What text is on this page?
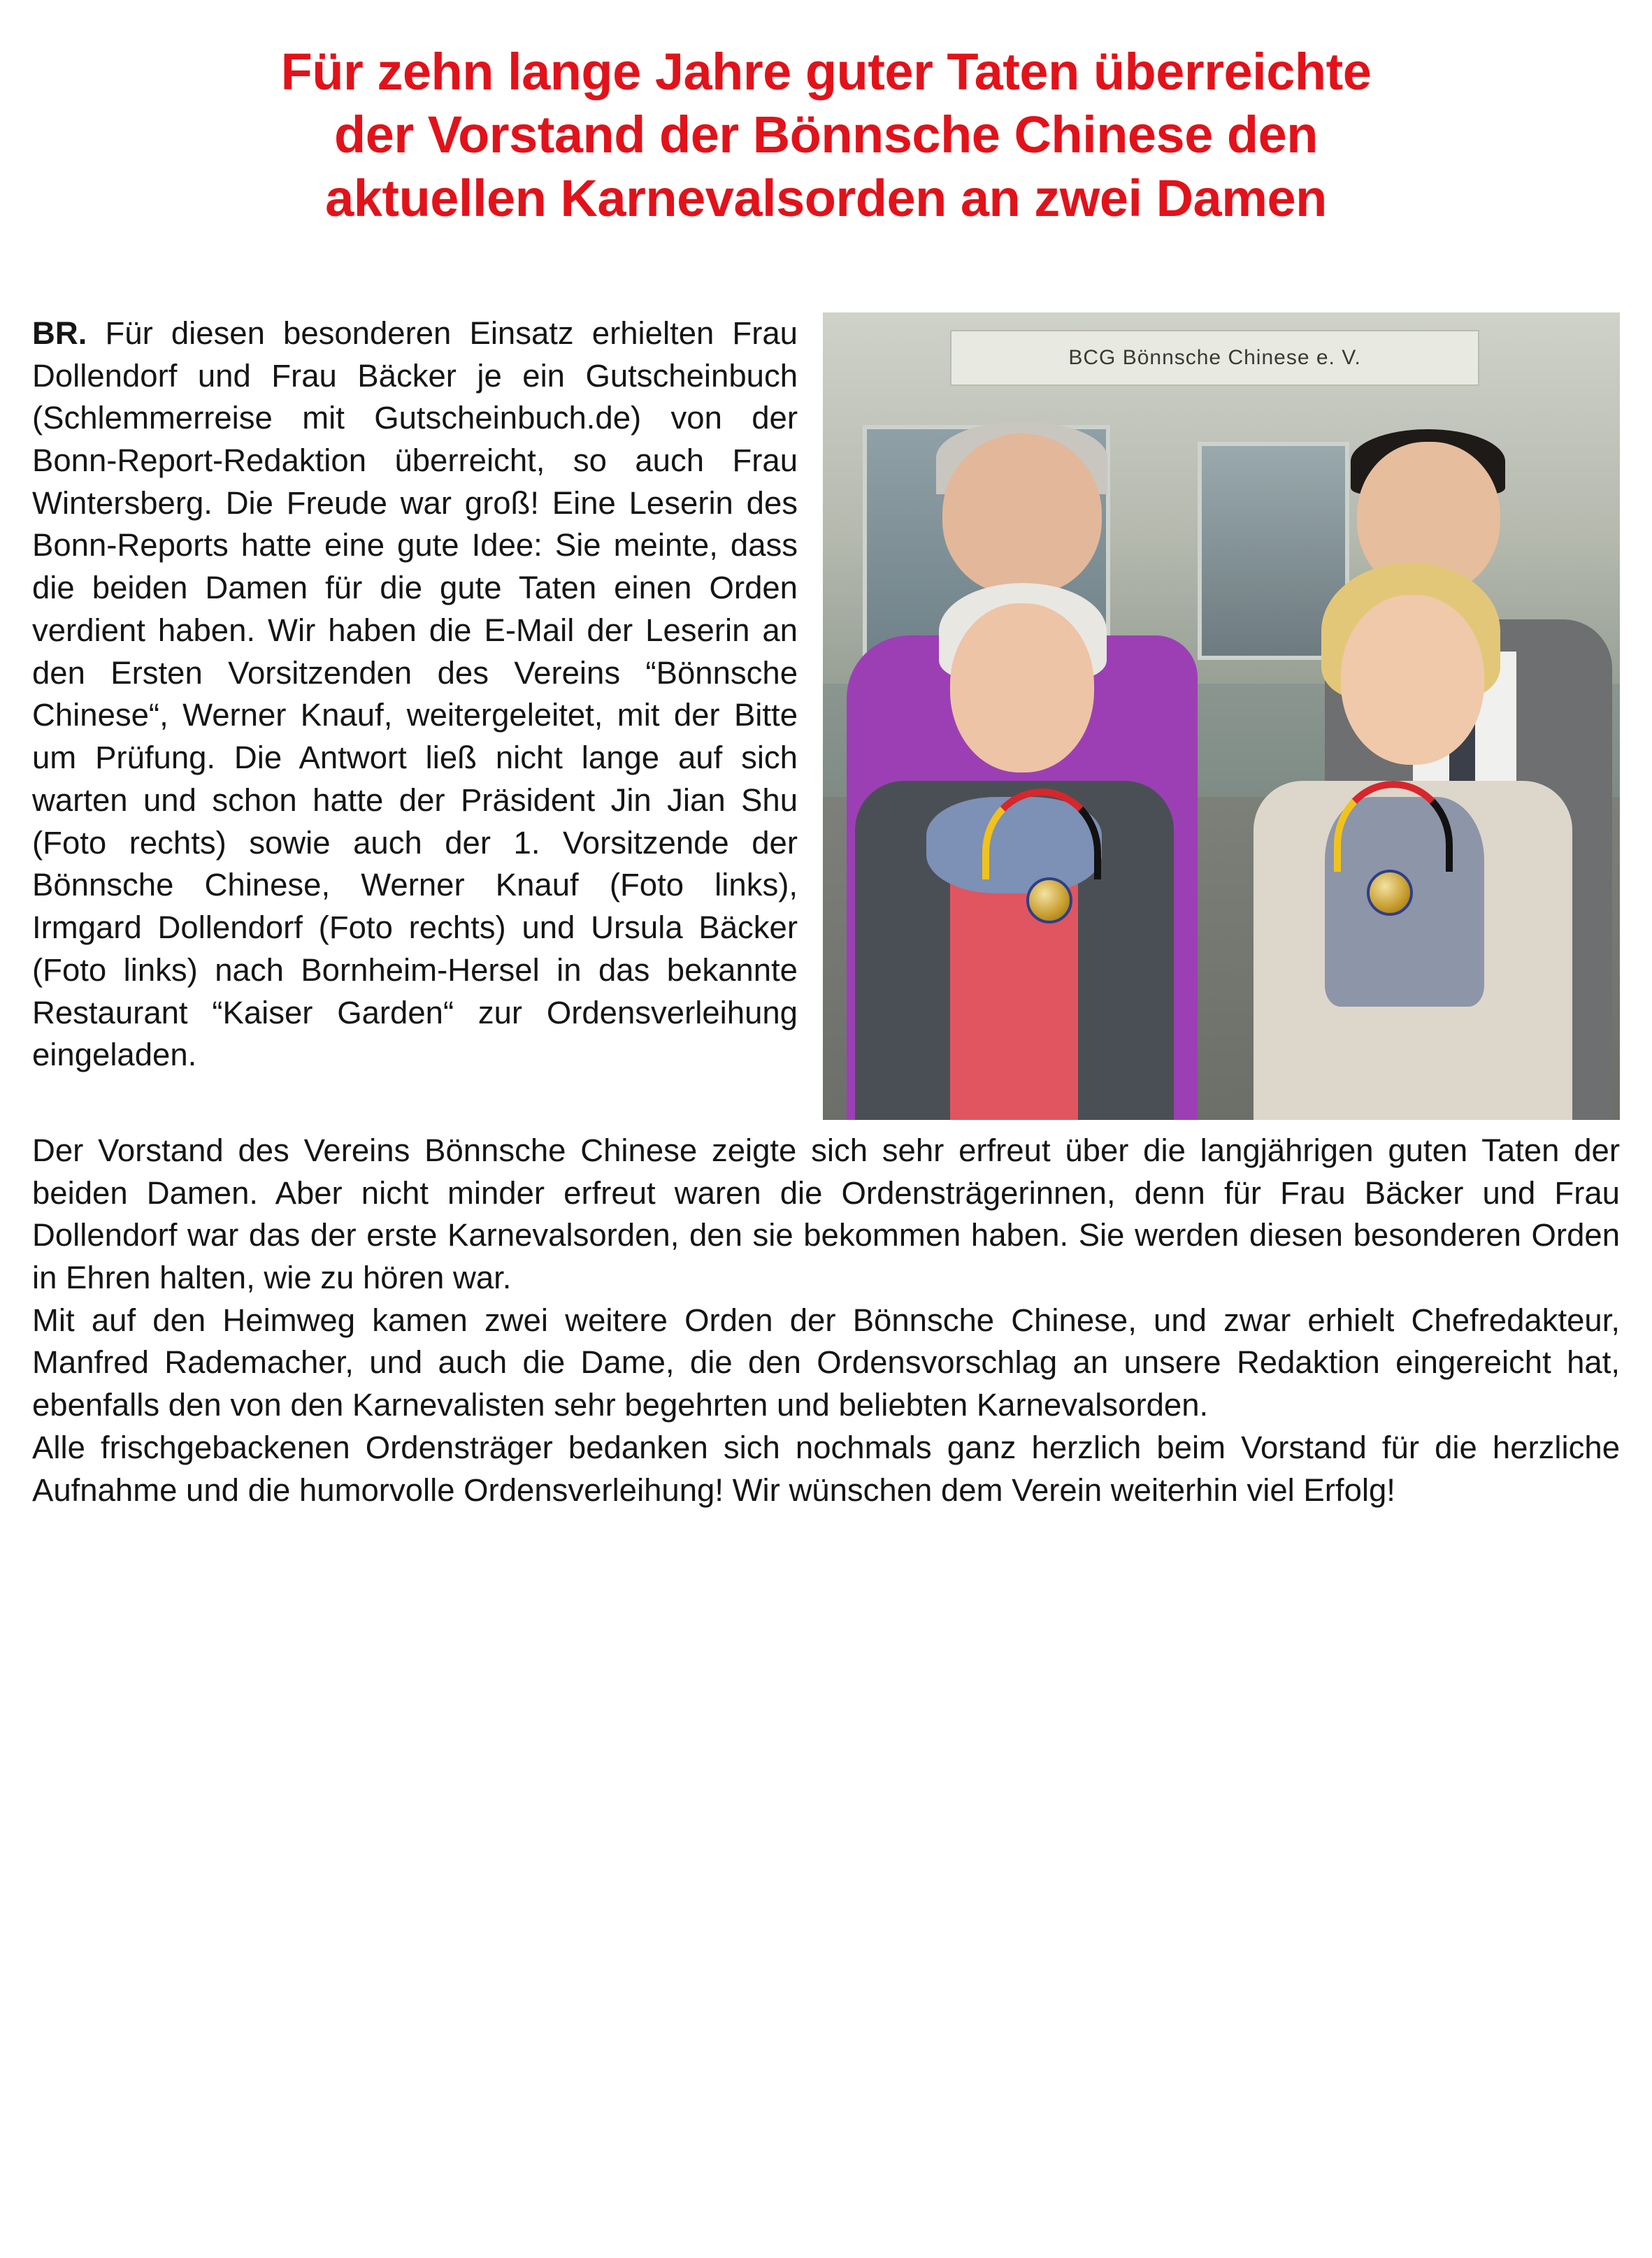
Für zehn lange Jahre guter Taten überreichte
der Vorstand der Bönnsche Chinese den
aktuellen Karnevalsorden an zwei Damen
BCG Bönnsche Chinese e. V.

BR. Für diesen besonderen Einsatz erhielten Frau Dollendorf und Frau Bäcker je ein Gutscheinbuch (Schlemmerreise mit Gutscheinbuch.de) von der Bonn-Report-Redaktion überreicht, so auch Frau Wintersberg. Die Freude war groß! Eine Leserin des Bonn-Reports hatte eine gute Idee: Sie meinte, dass die beiden Damen für die gute Taten einen Orden verdient haben. Wir haben die E-Mail der Leserin an den Ersten Vorsitzenden des Vereins “Bönnsche Chinese“, Werner Knauf, weitergeleitet, mit der Bitte um Prüfung. Die Antwort ließ nicht lange auf sich warten und schon hatte der Präsident Jin Jian Shu (Foto rechts) sowie auch der 1. Vorsitzende der Bönnsche Chinese, Werner Knauf (Foto links), Irmgard Dollendorf (Foto rechts) und Ursula Bäcker (Foto links) nach Bornheim-Hersel in das bekannte Restaurant “Kaiser Garden“ zur Ordensverleihung eingeladen.

Der Vorstand des Vereins Bönnsche Chinese zeigte sich sehr erfreut über die langjährigen guten Taten der beiden Damen. Aber nicht minder erfreut waren die Ordensträgerinnen, denn für Frau Bäcker und Frau Dollendorf war das der erste Karnevalsorden, den sie bekommen haben. Sie werden diesen besonderen Orden in Ehren halten, wie zu hören war.

Mit auf den Heimweg kamen zwei weitere Orden der Bönnsche Chinese, und zwar erhielt Chefredakteur, Manfred Rademacher, und auch die Dame, die den Ordensvorschlag an unsere Redaktion eingereicht hat, ebenfalls den von den Karnevalisten sehr begehrten und beliebten Karnevalsorden.

Alle frischgebackenen Ordensträger bedanken sich nochmals ganz herzlich beim Vorstand für die herzliche Aufnahme und die humorvolle Ordensverleihung! Wir wünschen dem Verein weiterhin viel Erfolg!
